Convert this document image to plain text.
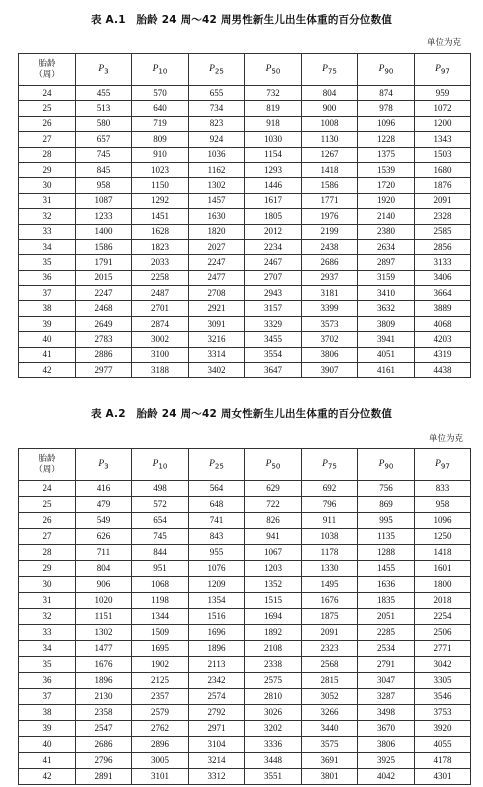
表 A.1　胎龄 24 周～42 周男性新生儿出生体重的百分位数值
单位为克
胎龄
（周）	$P_3$	$P_{10}$	$P_{25}$	$P_{50}$	$P_{75}$	$P_{90}$	$P_{97}$
24	455	570	655	732	804	874	959
25	513	640	734	819	900	978	1072
26	580	719	823	918	1008	1096	1200
27	657	809	924	1030	1130	1228	1343
28	745	910	1036	1154	1267	1375	1503
29	845	1023	1162	1293	1418	1539	1680
30	958	1150	1302	1446	1586	1720	1876
31	1087	1292	1457	1617	1771	1920	2091
32	1233	1451	1630	1805	1976	2140	2328
33	1400	1628	1820	2012	2199	2380	2585
34	1586	1823	2027	2234	2438	2634	2856
35	1791	2033	2247	2467	2686	2897	3133
36	2015	2258	2477	2707	2937	3159	3406
37	2247	2487	2708	2943	3181	3410	3664
38	2468	2701	2921	3157	3399	3632	3889
39	2649	2874	3091	3329	3573	3809	4068
40	2783	3002	3216	3455	3702	3941	4203
41	2886	3100	3314	3554	3806	4051	4319
42	2977	3188	3402	3647	3907	4161	4438
表 A.2　胎龄 24 周～42 周女性新生儿出生体重的百分位数值
单位为克
胎龄
（周）	$P_3$	$P_{10}$	$P_{25}$	$P_{50}$	$P_{75}$	$P_{90}$	$P_{97}$
24	416	498	564	629	692	756	833
25	479	572	648	722	796	869	958
26	549	654	741	826	911	995	1096
27	626	745	843	941	1038	1135	1250
28	711	844	955	1067	1178	1288	1418
29	804	951	1076	1203	1330	1455	1601
30	906	1068	1209	1352	1495	1636	1800
31	1020	1198	1354	1515	1676	1835	2018
32	1151	1344	1516	1694	1875	2051	2254
33	1302	1509	1696	1892	2091	2285	2506
34	1477	1695	1896	2108	2323	2534	2771
35	1676	1902	2113	2338	2568	2791	3042
36	1896	2125	2342	2575	2815	3047	3305
37	2130	2357	2574	2810	3052	3287	3546
38	2358	2579	2792	3026	3266	3498	3753
39	2547	2762	2971	3202	3440	3670	3920
40	2686	2896	3104	3336	3575	3806	4055
41	2796	3005	3214	3448	3691	3925	4178
42	2891	3101	3312	3551	3801	4042	4301
